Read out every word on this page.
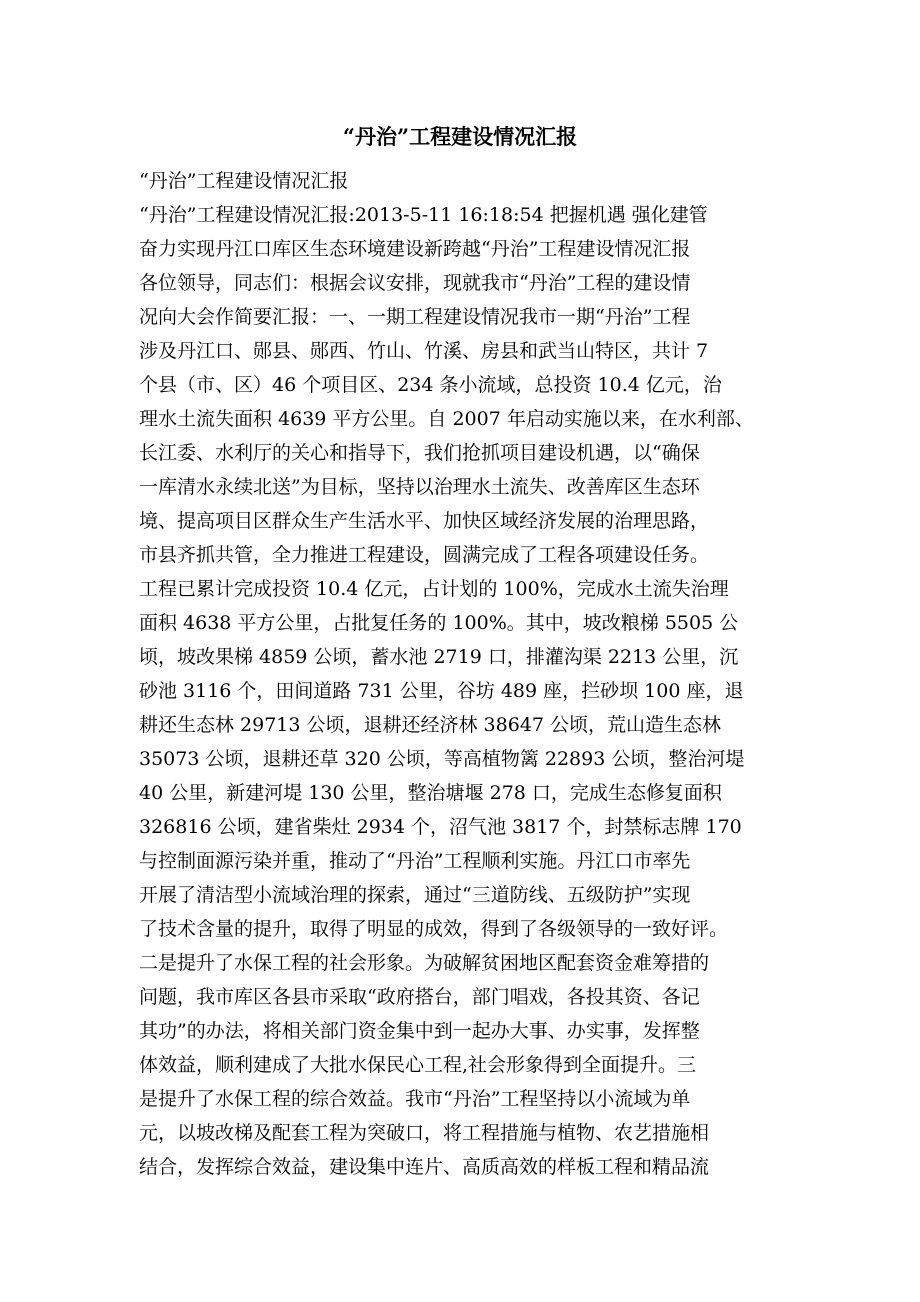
“丹治”工程建设情况汇报
“丹治”工程建设情况汇报
“丹治”工程建设情况汇报:2013-5-11 16:18:54 把握机遇 强化建管
奋力实现丹江口库区生态环境建设新跨越“丹治”工程建设情况汇报
各位领导，同志们：根据会议安排，现就我市“丹治”工程的建设情
况向大会作简要汇报：一、一期工程建设情况我市一期“丹治”工程
涉及丹江口、郧县、郧西、竹山、竹溪、房县和武当山特区，共计 7
个县（市、区）46 个项目区、234 条小流域，总投资 10.4 亿元，治
理水土流失面积 4639 平方公里。自 2007 年启动实施以来，在水利部、
长江委、水利厅的关心和指导下，我们抢抓项目建设机遇，以“确保
一库清水永续北送”为目标，坚持以治理水土流失、改善库区生态环
境、提高项目区群众生产生活水平、加快区域经济发展的治理思路，
市县齐抓共管，全力推进工程建设，圆满完成了工程各项建设任务。
工程已累计完成投资 10.4 亿元，占计划的 100%，完成水土流失治理
面积 4638 平方公里，占批复任务的 100%。其中，坡改粮梯 5505 公
顷，坡改果梯 4859 公顷，蓄水池 2719 口，排灌沟渠 2213 公里，沉
砂池 3116 个，田间道路 731 公里，谷坊 489 座，拦砂坝 100 座，退
耕还生态林 29713 公顷，退耕还经济林 38647 公顷，荒山造生态林
35073 公顷，退耕还草 320 公顷，等高植物篱 22893 公顷，整治河堤
40 公里，新建河堤 130 公里，整治塘堰 278 口，完成生态修复面积
326816 公顷，建省柴灶 2934 个，沼气池 3817 个，封禁标志牌 170
与控制面源污染并重，推动了“丹治”工程顺利实施。丹江口市率先
开展了清洁型小流域治理的探索，通过“三道防线、五级防护”实现
了技术含量的提升，取得了明显的成效，得到了各级领导的一致好评。
二是提升了水保工程的社会形象。为破解贫困地区配套资金难筹措的
问题，我市库区各县市采取“政府搭台，部门唱戏，各投其资、各记
其功”的办法，将相关部门资金集中到一起办大事、办实事，发挥整
体效益，顺利建成了大批水保民心工程,社会形象得到全面提升。三
是提升了水保工程的综合效益。我市“丹治”工程坚持以小流域为单
元，以坡改梯及配套工程为突破口，将工程措施与植物、农艺措施相
结合，发挥综合效益，建设集中连片、高质高效的样板工程和精品流
